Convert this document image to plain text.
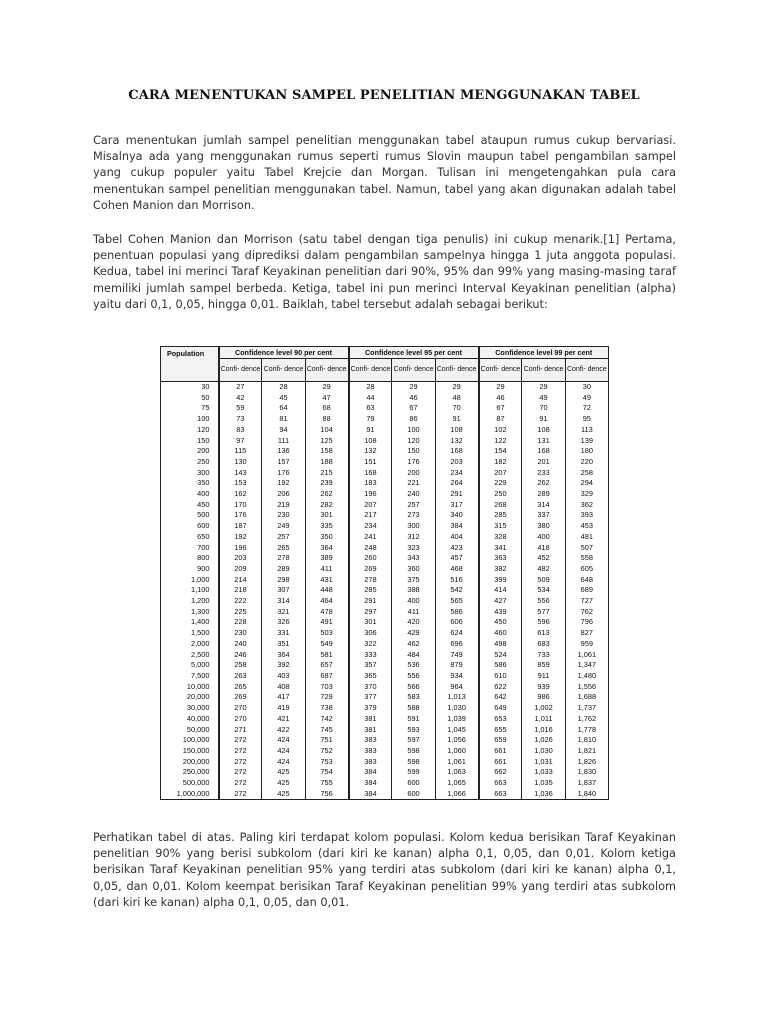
CARA MENENTUKAN SAMPEL PENELITIAN MENGGUNAKAN TABEL

Cara menentukan jumlah sampel penelitian menggunakan tabel ataupun rumus cukup bervariasi. Misalnya ada yang menggunakan rumus seperti rumus Slovin maupun tabel pengambilan sampel yang cukup populer yaitu Tabel Krejcie dan Morgan. Tulisan ini mengetengahkan pula cara menentukan sampel penelitian menggunakan tabel. Namun, tabel yang akan digunakan adalah tabel Cohen Manion dan Morrison.

Tabel Cohen Manion dan Morrison (satu tabel dengan tiga penulis) ini cukup menarik.[1] Pertama, penentuan populasi yang diprediksi dalam pengambilan sampelnya hingga 1 juta anggota populasi. Kedua, tabel ini merinci Taraf Keyakinan penelitian dari 90%, 95% dan 99% yang masing-masing taraf memiliki jumlah sampel berbeda. Ketiga, tabel ini pun merinci Interval Keyakinan penelitian (alpha) yaitu dari 0,1, 0,05, hingga 0,01. Baiklah, tabel tersebut adalah sebagai berikut:

Population	Confidence level 90 per cent			Confidence level 95 per cent			Confidence level 99 per cent		
	Confi- dence	Confi- dence	Confi- dence	Confi- dence	Confi- dence	Confi- dence	Confi- dence	Confi- dence	Confi- dence
30	27	28	29	28	29	29	29	29	30
50	42	45	47	44	46	48	46	49	49
75	59	64	68	63	67	70	67	70	72
100	73	81	88	79	86	91	87	91	95
120	83	94	104	91	100	108	102	108	113
150	97	111	125	108	120	132	122	131	139
200	115	136	158	132	150	168	154	168	180
250	130	157	188	151	176	203	182	201	220
300	143	176	215	168	200	234	207	233	258
350	153	192	239	183	221	264	229	262	294
400	162	206	262	196	240	291	250	289	329
450	170	219	282	207	257	317	268	314	362
500	176	230	301	217	273	340	285	337	393
600	187	249	335	234	300	384	315	380	453
650	192	257	350	241	312	404	328	400	481
700	196	265	364	248	323	423	341	418	507
800	203	278	389	260	343	457	363	452	558
900	209	289	411	269	360	468	382	482	605
1,000	214	298	431	278	375	516	399	509	648
1,100	218	307	448	285	388	542	414	534	689
1,200	222	314	464	291	400	565	427	556	727
1,300	225	321	478	297	411	586	439	577	762
1,400	228	326	491	301	420	606	450	596	796
1,500	230	331	503	306	429	624	460	613	827
2,000	240	351	549	322	462	696	498	683	959
2,500	246	364	581	333	484	749	524	733	1,061
5,000	258	392	657	357	536	879	586	859	1,347
7,500	263	403	687	365	556	934	610	911	1,480
10,000	265	408	703	370	566	964	622	939	1,556
20,000	269	417	729	377	583	1,013	642	986	1,688
30,000	270	419	738	379	588	1,030	649	1,002	1,737
40,000	270	421	742	381	591	1,039	653	1,011	1,762
50,000	271	422	745	381	593	1,045	655	1,016	1,778
100,000	272	424	751	383	597	1,056	659	1,026	1,810
150,000	272	424	752	383	598	1,060	661	1,030	1,821
200,000	272	424	753	383	598	1,061	661	1,031	1,826
250,000	272	425	754	384	599	1,063	662	1,033	1,830
500,000	272	425	755	384	600	1,065	663	1,035	1,837
1,000,000	272	425	756	384	600	1,066	663	1,036	1,840

Perhatikan tabel di atas. Paling kiri terdapat kolom populasi. Kolom kedua berisikan Taraf Keyakinan penelitian 90% yang berisi subkolom (dari kiri ke kanan) alpha 0,1, 0,05, dan 0,01. Kolom ketiga berisikan Taraf Keyakinan penelitian 95% yang terdiri atas subkolom (dari kiri ke kanan) alpha 0,1, 0,05, dan 0,01. Kolom keempat berisikan Taraf Keyakinan penelitian 99% yang terdiri atas subkolom (dari kiri ke kanan) alpha 0,1, 0,05, dan 0,01.
